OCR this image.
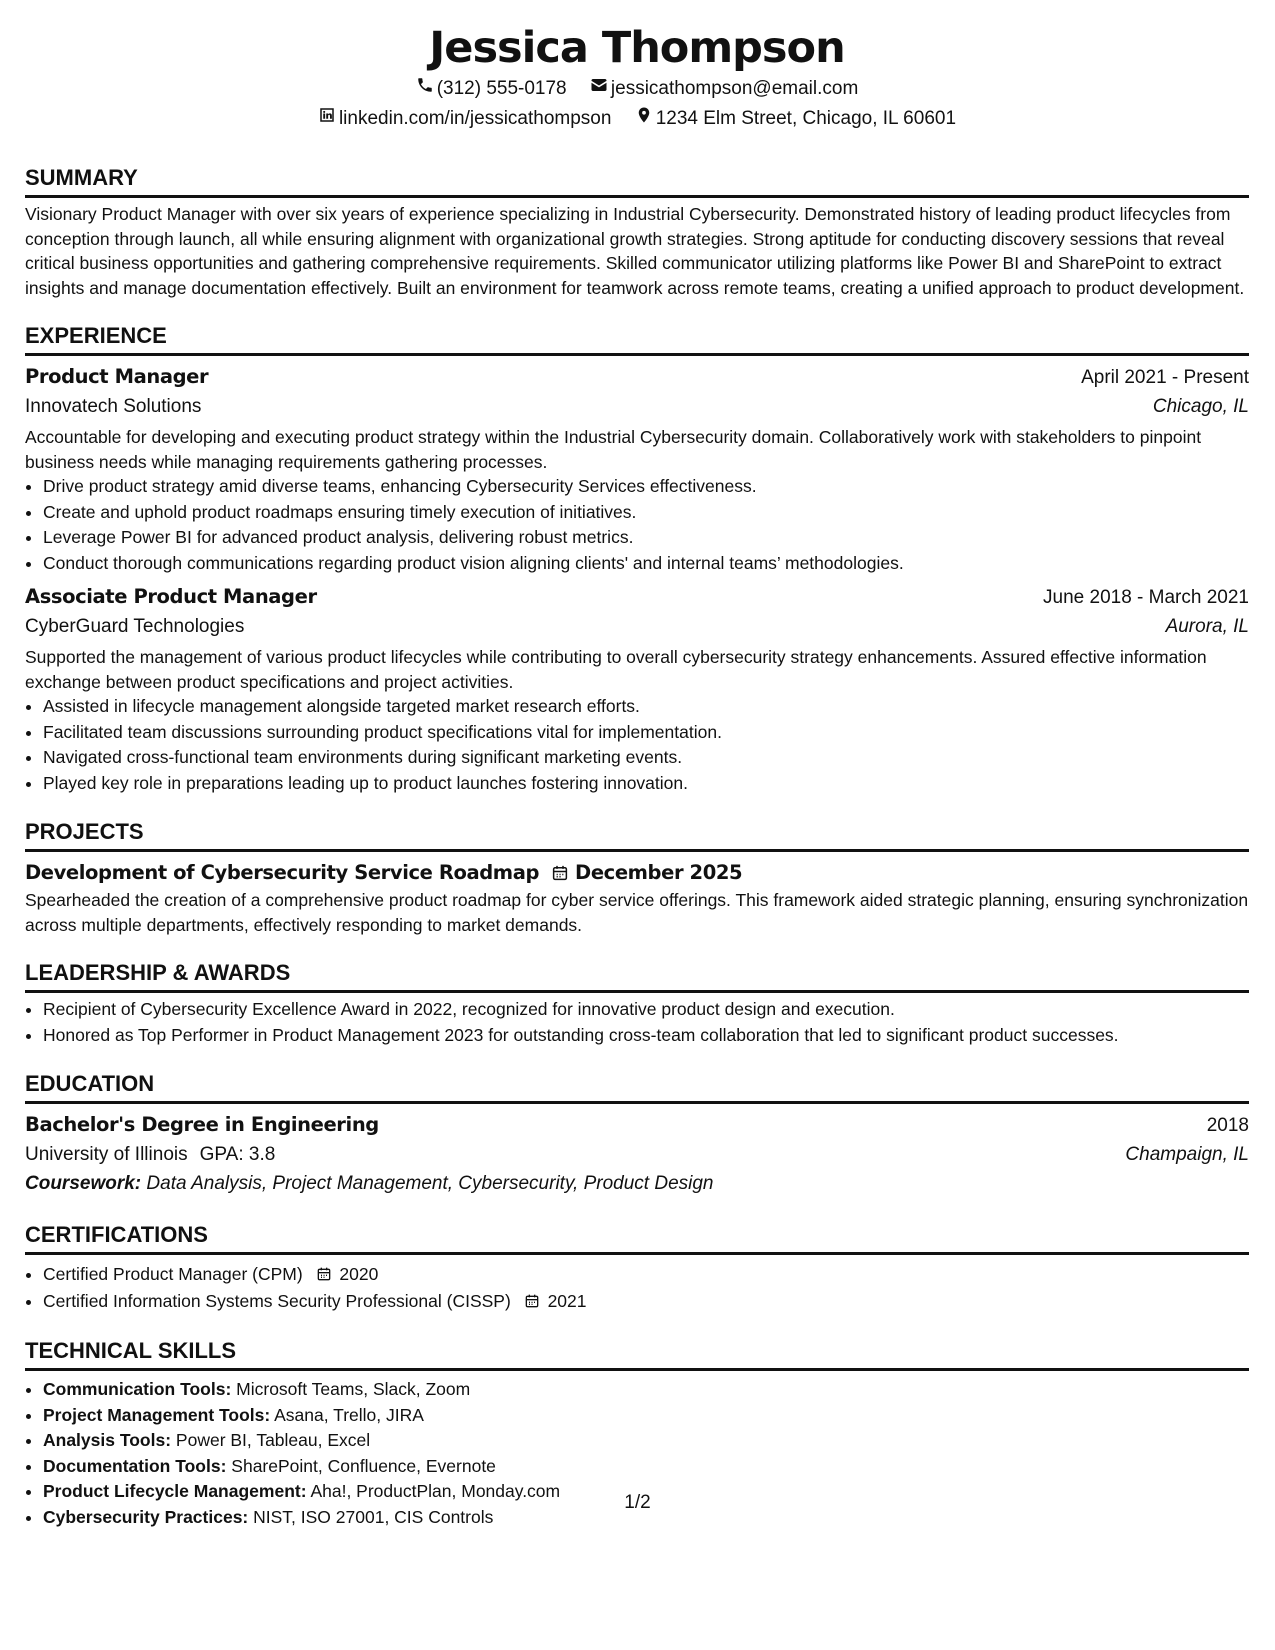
Jessica Thompson
(312) 555-0178
jessicathompson@email.com
linkedin.com/in/jessicathompson
1234 Elm Street, Chicago, IL 60601
SUMMARY

Visionary Product Manager with over six years of experience specializing in Industrial Cybersecurity. Demonstrated history of leading product lifecycles from conception through launch, all while ensuring alignment with organizational growth strategies. Strong aptitude for conducting discovery sessions that reveal critical business opportunities and gathering comprehensive requirements. Skilled communicator utilizing platforms like Power BI and SharePoint to extract insights and manage documentation effectively. Built an environment for teamwork across remote teams, creating a unified approach to product development.

EXPERIENCE
Product Manager	April 2021 - Present
Innovatech Solutions	Chicago, IL

Accountable for developing and executing product strategy within the Industrial Cybersecurity domain. Collaboratively work with stakeholders to pinpoint business needs while managing requirements gathering processes.

• Drive product strategy amid diverse teams, enhancing Cybersecurity Services effectiveness.
• Create and uphold product roadmaps ensuring timely execution of initiatives.
• Leverage Power BI for advanced product analysis, delivering robust metrics.
• Conduct thorough communications regarding product vision aligning clients' and internal teams’ methodologies.
Associate Product Manager	June 2018 - March 2021
CyberGuard Technologies	Aurora, IL

Supported the management of various product lifecycles while contributing to overall cybersecurity strategy enhancements. Assured effective information exchange between product specifications and project activities.

• Assisted in lifecycle management alongside targeted market research efforts.
• Facilitated team discussions surrounding product specifications vital for implementation.
• Navigated cross-functional team environments during significant marketing events.
• Played key role in preparations leading up to product launches fostering innovation.
PROJECTS
Development of Cybersecurity Service Roadmap December 2025

Spearheaded the creation of a comprehensive product roadmap for cyber service offerings. This framework aided strategic planning, ensuring synchronization across multiple departments, effectively responding to market demands.

LEADERSHIP & AWARDS
• Recipient of Cybersecurity Excellence Award in 2022, recognized for innovative product design and execution.
• Honored as Top Performer in Product Management 2023 for outstanding cross-team collaboration that led to significant product successes.
EDUCATION
Bachelor's Degree in Engineering	2018
University of Illinois GPA: 3.8	Champaign, IL
Coursework: Data Analysis, Project Management, Cybersecurity, Product Design
CERTIFICATIONS
• Certified Product Manager (CPM) 2020
• Certified Information Systems Security Professional (CISSP) 2021
TECHNICAL SKILLS
• Communication Tools: Microsoft Teams, Slack, Zoom
• Project Management Tools: Asana, Trello, JIRA
• Analysis Tools: Power BI, Tableau, Excel
• Documentation Tools: SharePoint, Confluence, Evernote
• Product Lifecycle Management: Aha!, ProductPlan, Monday.com
• Cybersecurity Practices: NIST, ISO 27001, CIS Controls
1/2
